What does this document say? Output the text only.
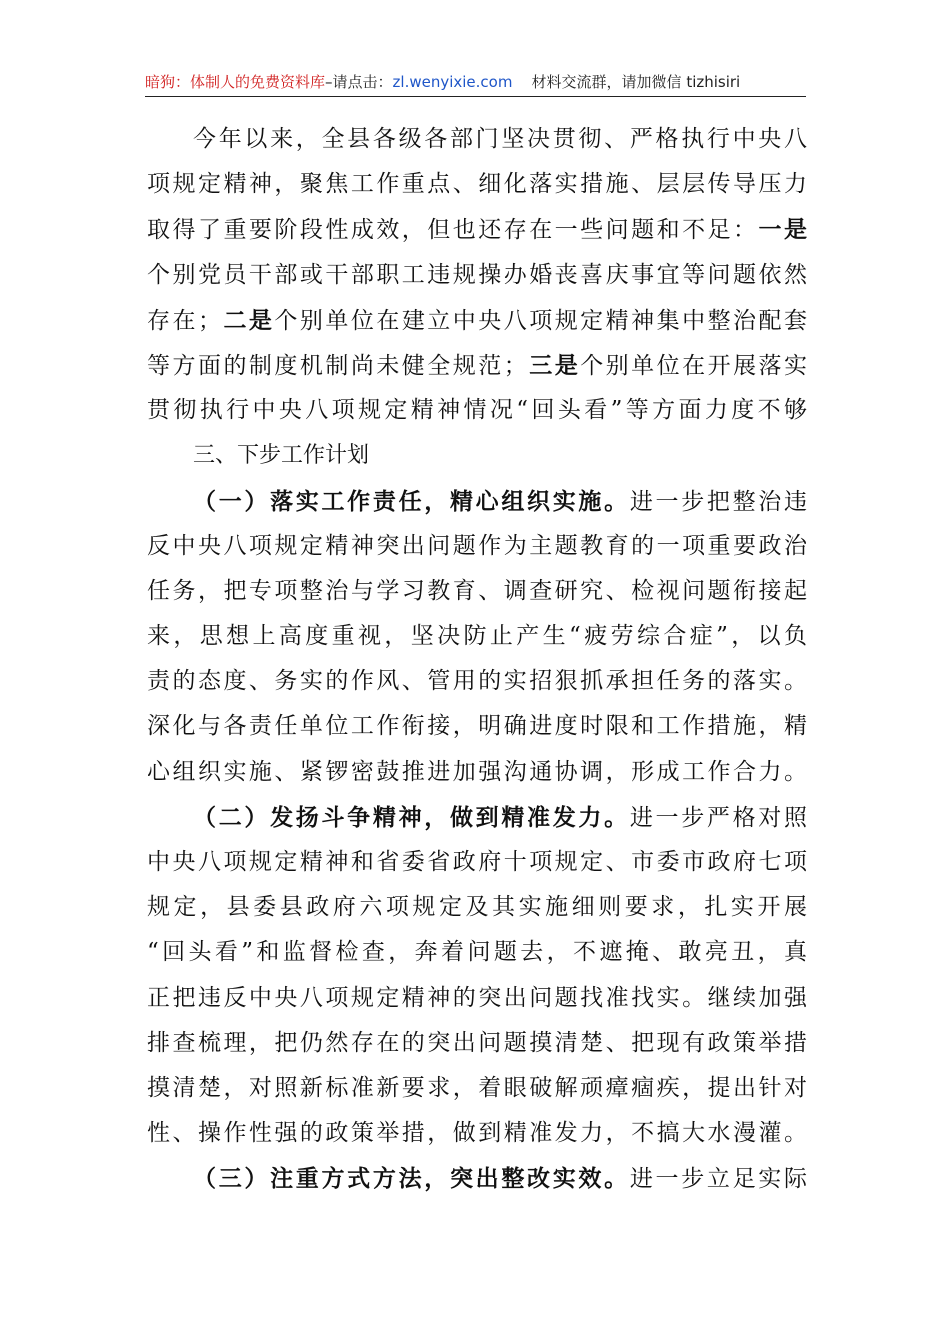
暗狗：体制人的免费资料库–请点击：zl.wenyixie.com 材料交流群，请加微信 tizhisiri
今年以来，全县各级各部门坚决贯彻、严格执行中央八
项规定精神，聚焦工作重点、细化落实措施、层层传导压力
取得了重要阶段性成效，但也还存在一些问题和不足：一是
个别党员干部或干部职工违规操办婚丧喜庆事宜等问题依然
存在；二是个别单位在建立中央八项规定精神集中整治配套
等方面的制度机制尚未健全规范；三是个别单位在开展落实
贯彻执行中央八项规定精神情况“回头看”等方面力度不够
三、下步工作计划
（一）落实工作责任，精心组织实施。进一步把整治违
反中央八项规定精神突出问题作为主题教育的一项重要政治
任务，把专项整治与学习教育、调查研究、检视问题衔接起
来，思想上高度重视，坚决防止产生“疲劳综合症”，以负
责的态度、务实的作风、管用的实招狠抓承担任务的落实。
深化与各责任单位工作衔接，明确进度时限和工作措施，精
心组织实施、紧锣密鼓推进加强沟通协调，形成工作合力。
（二）发扬斗争精神，做到精准发力。进一步严格对照
中央八项规定精神和省委省政府十项规定、市委市政府七项
规定，县委县政府六项规定及其实施细则要求，扎实开展
“回头看”和监督检查，奔着问题去，不遮掩、敢亮丑，真
正把违反中央八项规定精神的突出问题找准找实。继续加强
排查梳理，把仍然存在的突出问题摸清楚、把现有政策举措
摸清楚，对照新标准新要求，着眼破解顽瘴痼疾，提出针对
性、操作性强的政策举措，做到精准发力，不搞大水漫灌。
（三）注重方式方法，突出整改实效。进一步立足实际
